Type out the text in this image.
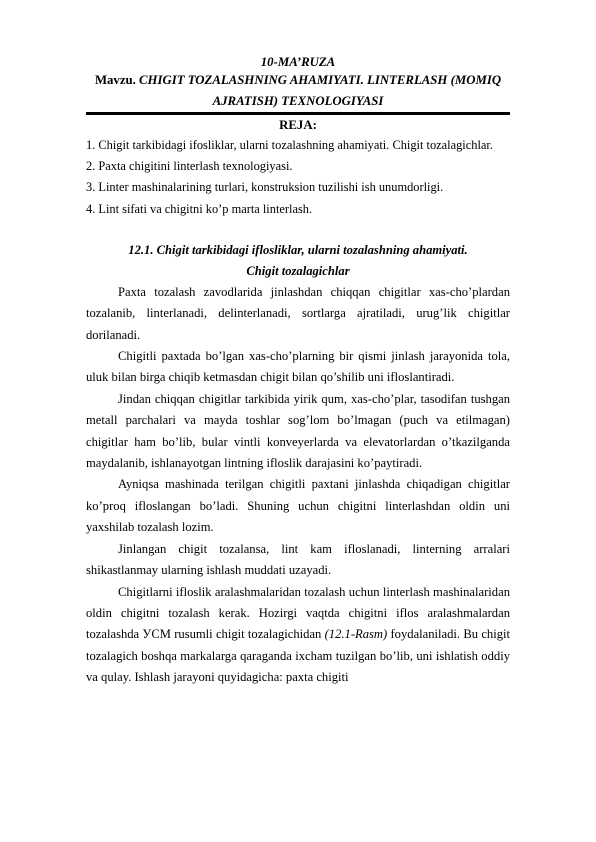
10-MA’RUZA
Mavzu. CHIGIT TOZALASHNING AHAMIYATI. LINTERLASH (MOMIQ AJRATISH) TEXNOLOGIYASI
REJA:
1. Chigit tarkibidagi ifosliklar, ularni tozalashning ahamiyati. Chigit tozalagichlar.
2. Paxta chigitini linterlash texnologiyasi.
3. Linter mashinalarining turlari, konstruksion tuzilishi ish unumdorligi.
4. Lint sifati va chigitni ko’p marta linterlash.
12.1. Chigit tarkibidagi iflosliklar, ularni tozalashning ahamiyati.
Chigit tozalagichlar

Paxta tozalash zavodlarida jinlashdan chiqqan chigitlar xas-cho’plardan tozalanib, linterlanadi, delinterlanadi, sortlarga ajratiladi, urug’lik chigitlar dorilanadi.

Chigitli paxtada bo’lgan xas-cho’plarning bir qismi jinlash jarayonida tola, uluk bilan birga chiqib ketmasdan chigit bilan qo’shilib uni ifloslantiradi.

Jindan chiqqan chigitlar tarkibida yirik qum, xas-cho’plar, tasodifan tushgan metall parchalari va mayda toshlar sog’lom bo’lmagan (puch va etilmagan) chigitlar ham bo’lib, bular vintli konveyerlarda va elevatorlardan o’tkazilganda maydalanib, ishlanayotgan lintning ifloslik darajasini ko’paytiradi.

Ayniqsa mashinada terilgan chigitli paxtani jinlashda chiqadigan chigitlar ko’proq ifloslangan bo’ladi. Shuning uchun chigitni linterlashdan oldin uni yaxshilab tozalash lozim.

Jinlangan chigit tozalansa, lint kam ifloslanadi, linterning arralari shikastlanmay ularning ishlash muddati uzayadi.

Chigitlarni ifloslik aralashmalaridan tozalash uchun linterlash mashinalaridan oldin chigitni tozalash kerak. Hozirgi vaqtda chigitni iflos aralashmalardan tozalashda УСМ rusumli chigit tozalagichidan (12.1-Rasm) foydalaniladi. Bu chigit tozalagich boshqa markalarga qaraganda ixcham tuzilgan bo’lib, uni ishlatish oddiy va qulay. Ishlash jarayoni quyidagicha: paxta chigiti
